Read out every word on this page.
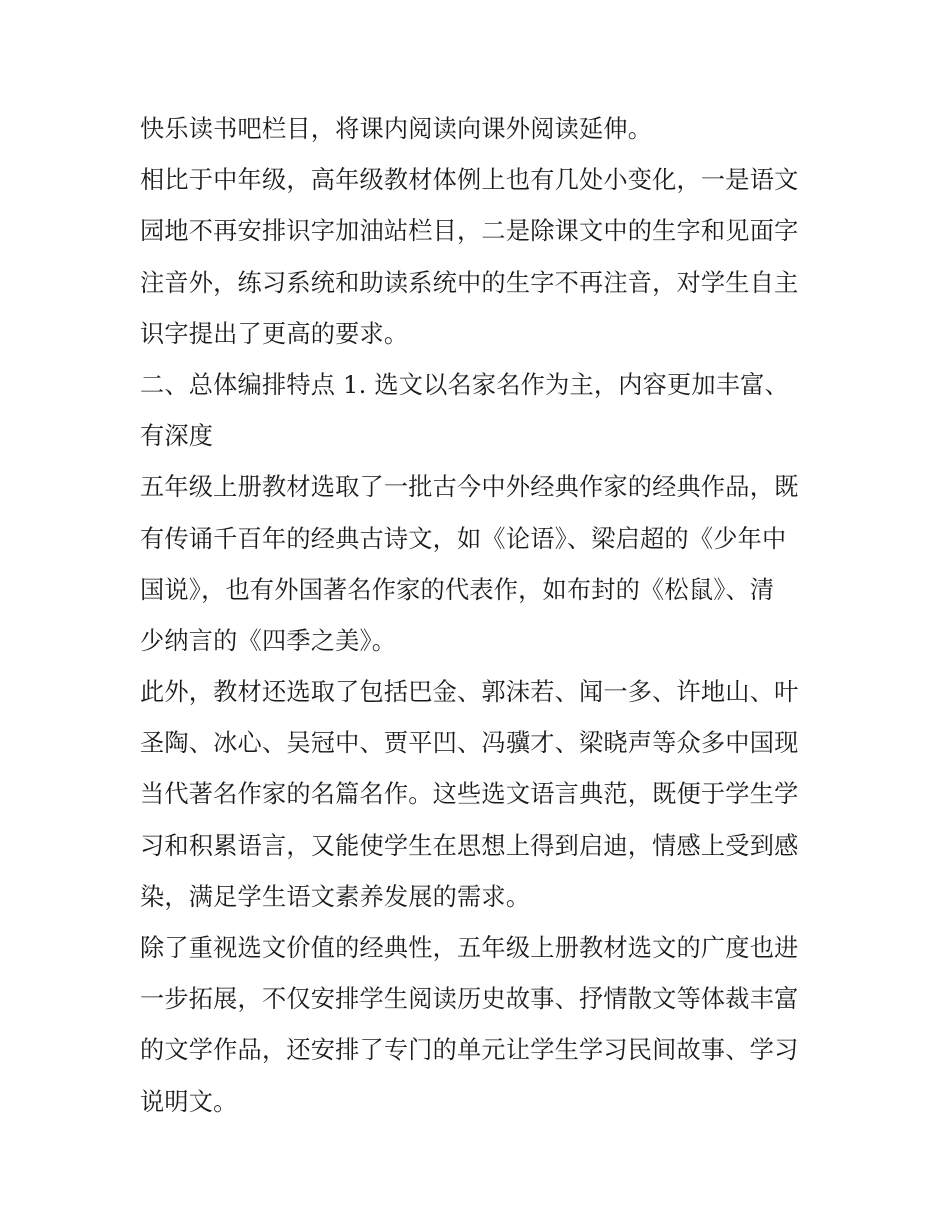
快乐读书吧栏目，将课内阅读向课外阅读延伸。

相比于中年级，高年级教材体例上也有几处小变化，一是语文
园地不再安排识字加油站栏目，二是除课文中的生字和见面字
注音外，练习系统和助读系统中的生字不再注音，对学生自主
识字提出了更高的要求。

二、总体编排特点 1. 选文以名家名作为主，内容更加丰富、
有深度

五年级上册教材选取了一批古今中外经典作家的经典作品，既
有传诵千百年的经典古诗文，如《论语》、梁启超的《少年中
国说》，也有外国著名作家的代表作，如布封的《松鼠》、清
少纳言的《四季之美》。

此外，教材还选取了包括巴金、郭沫若、闻一多、许地山、叶
圣陶、冰心、吴冠中、贾平凹、冯骥才、梁晓声等众多中国现
当代著名作家的名篇名作。这些选文语言典范，既便于学生学
习和积累语言，又能使学生在思想上得到启迪，情感上受到感
染，满足学生语文素养发展的需求。

除了重视选文价值的经典性，五年级上册教材选文的广度也进
一步拓展，不仅安排学生阅读历史故事、抒情散文等体裁丰富
的文学作品，还安排了专门的单元让学生学习民间故事、学习
说明文。
